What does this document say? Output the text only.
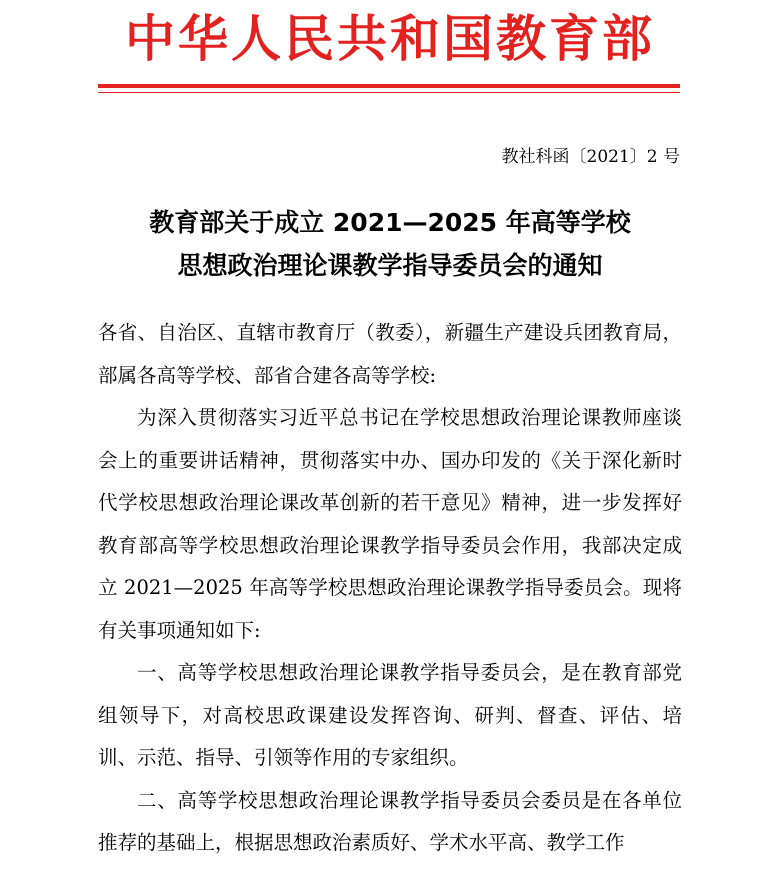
中华人民共和国教育部
教社科函〔2021〕2 号
教育部关于成立 2021—2025 年高等学校
思想政治理论课教学指导委员会的通知

各省、自治区、直辖市教育厅（教委），新疆生产建设兵团教育局，部属各高等学校、部省合建各高等学校:

为深入贯彻落实习近平总书记在学校思想政治理论课教师座谈会上的重要讲话精神，贯彻落实中办、国办印发的《关于深化新时代学校思想政治理论课改革创新的若干意见》精神，进一步发挥好教育部高等学校思想政治理论课教学指导委员会作用，我部决定成立 2021—2025 年高等学校思想政治理论课教学指导委员会。现将有关事项通知如下:

一、高等学校思想政治理论课教学指导委员会，是在教育部党组领导下，对高校思政课建设发挥咨询、研判、督查、评估、培训、示范、指导、引领等作用的专家组织。

二、高等学校思想政治理论课教学指导委员会委员是在各单位推荐的基础上，根据思想政治素质好、学术水平高、教学工作
